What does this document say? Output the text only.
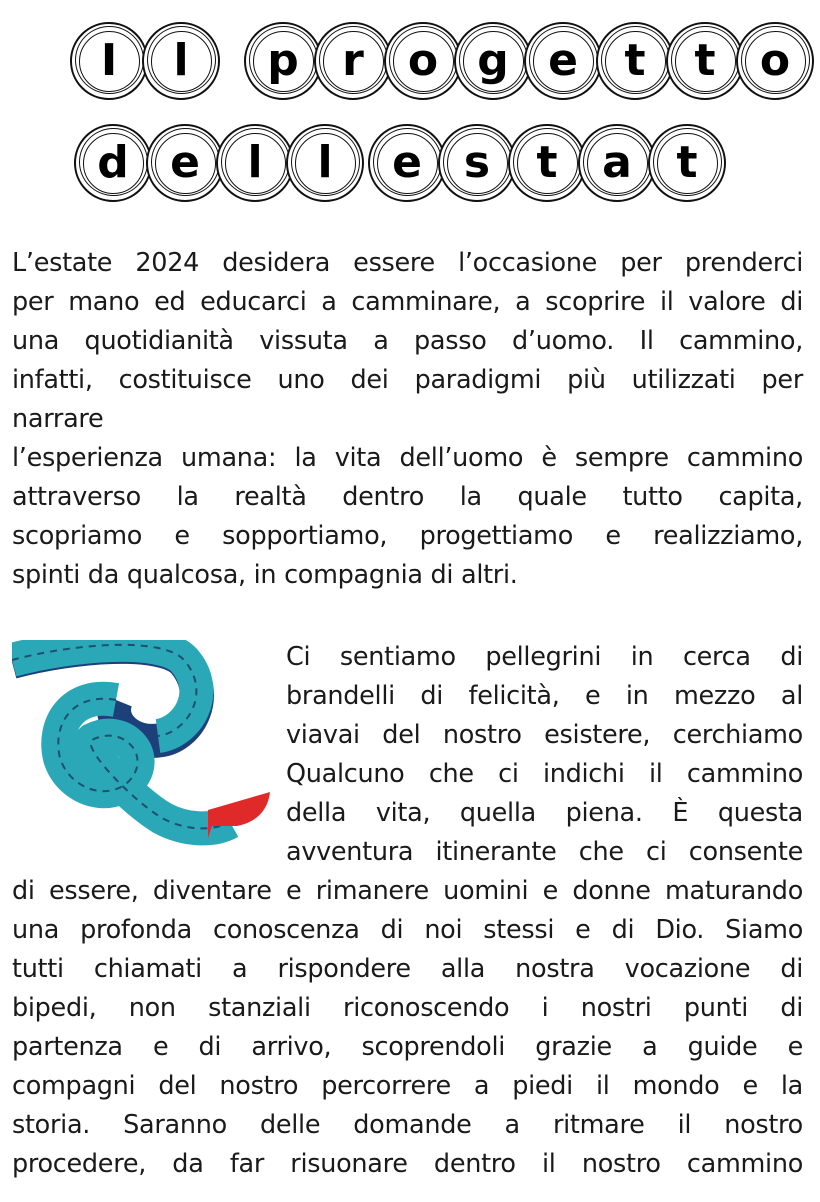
I	l	p r	o g e	t	t	o
d e	l	l	e s	t	a	t
L’estate 2024 desidera essere l’occasione per prenderci
per mano ed educarci a camminare, a scoprire il valore di
una quotidianità vissuta a passo d’uomo. Il cammino,
infatti, costituisce uno dei paradigmi più utilizzati per
narrare
l’esperienza umana: la vita dell’uomo è sempre cammino
attraverso la realtà dentro la quale tutto capita,
scopriamo e sopportiamo, progettiamo e realizziamo,
spinti da qualcosa, in compagnia di altri.
Ci sentiamo pellegrini in cerca di
brandelli di felicità, e in mezzo al
viavai del nostro esistere, cerchiamo
Qualcuno che ci indichi il cammino
della vita, quella piena. È questa
avventura itinerante che ci consente
di essere, diventare e rimanere uomini e donne maturando
una profonda conoscenza di noi stessi e di Dio. Siamo
tutti chiamati a rispondere alla nostra vocazione di
bipedi, non stanziali riconoscendo i nostri punti di
partenza e di arrivo, scoprendoli grazie a guide e
compagni del nostro percorrere a piedi il mondo e la
storia. Saranno delle domande a ritmare il nostro
procedere, da far risuonare dentro il nostro cammino
